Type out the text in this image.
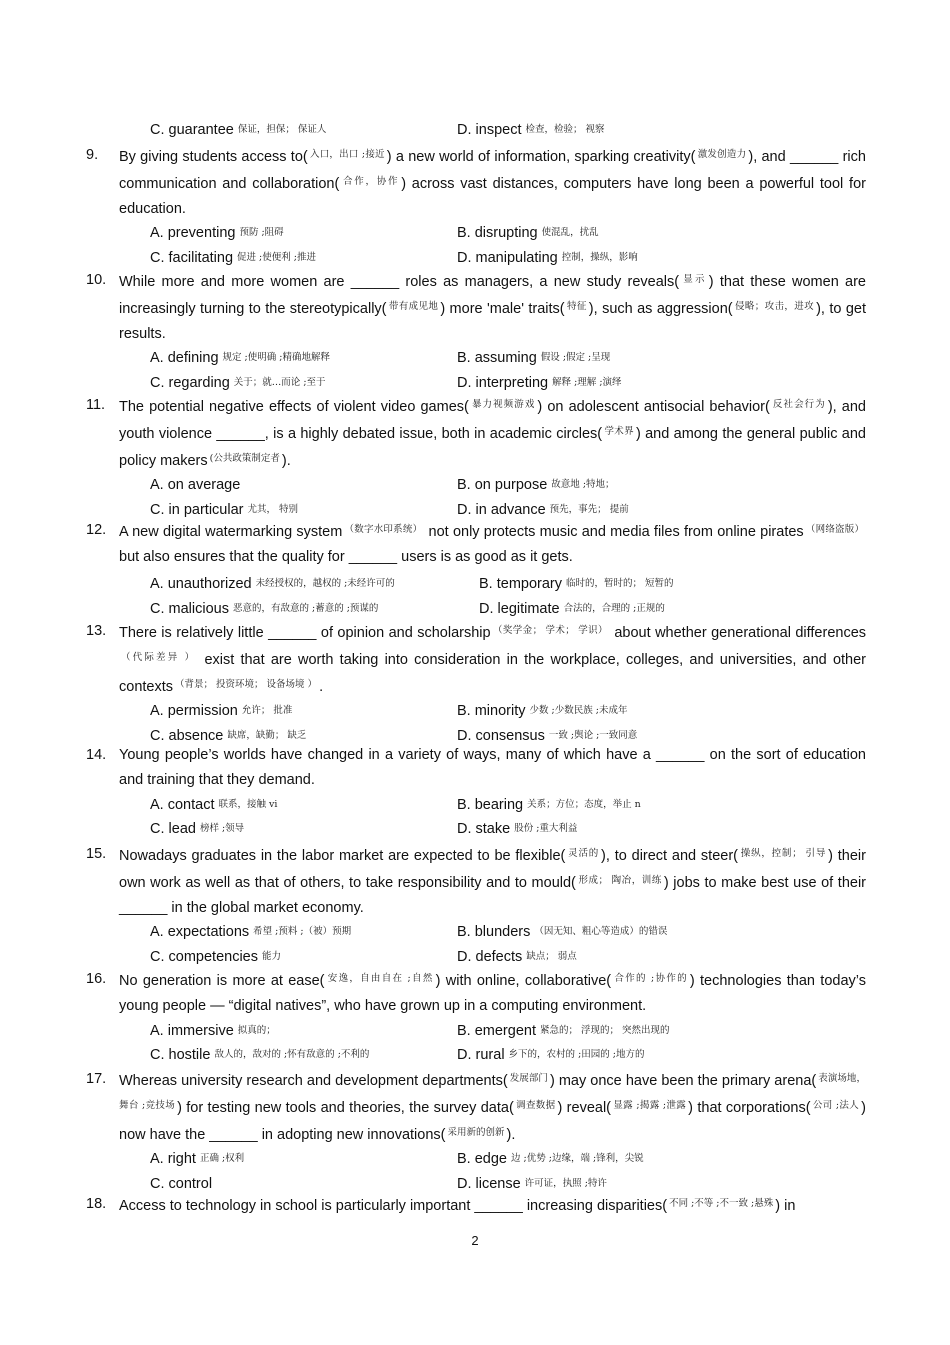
C. guarantee 保证，担保； 保证人	D. inspect 检查，检验； 视察
9.	By giving students access to( $^{入口,出口 ;接近}$ ) a new world of information, sparking creativity( $^{激发创造力}$ ), and ______ rich communication and collaboration( $^{合作,协作}$ ) across vast distances, computers have long been a powerful tool for education.
A. preventing 预防 ;阻碍	B. disrupting 使混乱，扰乱
C. facilitating 促进 ;使便利 ;推进	D. manipulating 控制，操纵，影响
10. While more and more women are ______ roles as managers, a new study reveals( $^{显示}$ ) that these women are increasingly turning to the stereotypically( $^{带有成见地}$ ) more 'male' traits( $^{特征}$ ), such as aggression( $^{侵略;攻击,进攻}$ ), to get results.
A. defining 规定 ;使明确 ;精确地解释	B. assuming 假设 ;假定 ;呈现
C. regarding 关于；就…而论 ;至于	D. interpreting 解释 ;理解 ;演绎
11. The potential negative effects of violent video games( $^{暴力视频游戏}$ ) on adolescent antisocial behavior( $^{反社会行为}$ ), and youth violence ______, is a highly debated issue, both in academic circles( $^{学术界}$ ) and among the general public and policy makers $^{(公共政策制定者}$ ).
A. on average	B. on purpose 故意地 ;特地；
C. in particular 尤其， 特别	D. in advance 预先，事先； 提前
12. A new digital watermarking system $^{(数字水印系统)}$ not only protects music and media files from online pirates $^{(网络盗版)}$ but also ensures that the quality for ______ users is as good as it gets.
A. unauthorized 未经授权的，越权的 ;未经许可的	B. temporary 临时的，暂时的； 短暂的
C. malicious 恶意的，有敌意的 ;蓄意的 ;预谋的	D. legitimate 合法的，合理的 ;正规的
13. There is relatively little ______ of opinion and scholarship $^{(奖学金; 学术; 学识)}$ about whether generational differences$^{(代际差异 )}$ exist that are worth taking into consideration in the workplace, colleges, and universities, and other contexts $^{(背景; 投资环境; 设备场境 )}$ .
A. permission 允许； 批准	B. minority 少数 ;少数民族 ;未成年
C. absence 缺席，缺勤； 缺乏	D. consensus 一致 ;舆论 ;一致同意
14. Young people’s worlds have changed in a variety of ways, many of which have a ______ on the sort of education and training that they demand.
A. contact 联系，接触 vi	B. bearing 关系；方位；态度，举止 n
C. lead 榜样 ;领导	D. stake 股份 ;重大利益
15. Nowadays graduates in the labor market are expected to be flexible( $^{灵活的}$ ), to direct and steer( $^{操纵,控制; 引导}$ ) their own work as well as that of others, to take responsibility and to mould( $^{形成; 陶冶,训练}$ ) jobs to make best use of their ______ in the global market economy.
A. expectations 希望 ;预料 ;（被）预期	B. blunders （因无知、粗心等造成）的错误
C. competencies 能力	D. defects 缺点； 弱点
16. No generation is more at ease( $^{安逸,自由自在 ;自然}$ ) with online, collaborative( $^{合作的 ;协作的}$ ) technologies than today’s young people — “digital natives”, who have grown up in a computing environment.
A. immersive 拟真的；	B. emergent 紧急的； 浮现的； 突然出现的
C. hostile 敌人的，敌对的 ;怀有敌意的 ;不利的	D. rural 乡下的，农村的 ;田园的 ;地方的
17. Whereas university research and development departments( $^{发展部门}$ ) may once have been the primary arena( $^{表演场地,舞台 ;竞技场}$ ) for testing new tools and theories, the survey data( $^{调查数据}$ ) reveal( $^{显露 ;揭露 ;泄露}$ ) that corporations( $^{公司 ;法人}$ ) now have the ______ in adopting new innovations( $^{采用新的创新}$ ).
A. right 正确 ;权利	B. edge 边 ;优势 ;边缘，端 ;锋利，尖锐
C. control	D. license 许可证，执照 ;特许
18. Access to technology in school is particularly important ______ increasing disparities( $^{不同 ;不等 ;不一致 ;悬殊}$ ) in
2
